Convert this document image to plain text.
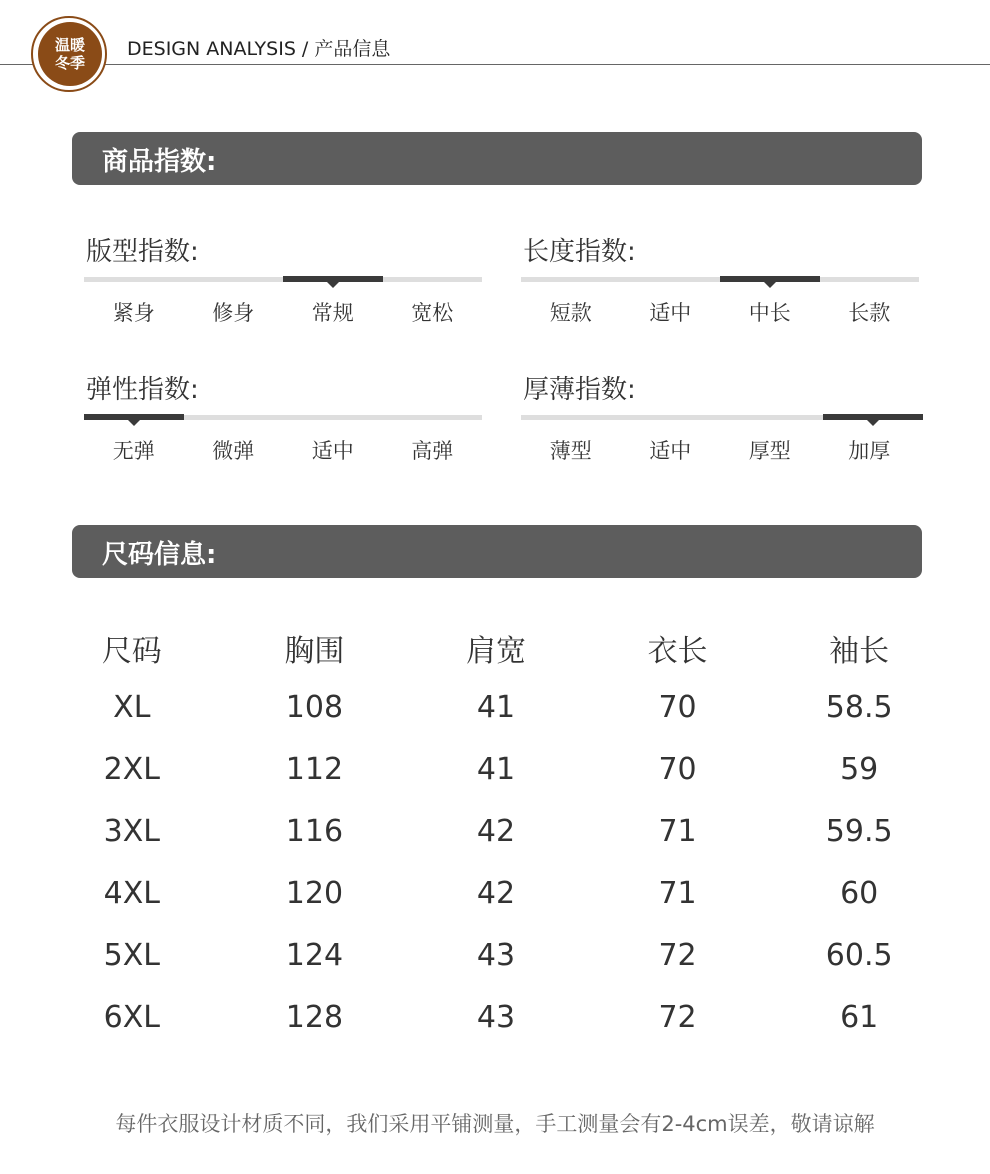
温暖
冬季
DESIGN ANALYSIS / 产品信息
商品指数:
版型指数:
紧身	修身	常规	宽松
长度指数:
短款	适中	中长	长款
弹性指数:
无弹	微弹	适中	高弹
厚薄指数:
薄型	适中	厚型	加厚
尺码信息:
尺码	胸围	肩宽	衣长	袖长
XL	108	41	70	58.5
2XL	112	41	70	59
3XL	116	42	71	59.5
4XL	120	42	71	60
5XL	124	43	72	60.5
6XL	128	43	72	61
每件衣服设计材质不同，我们采用平铺测量，手工测量会有2-4cm误差，敬请谅解
